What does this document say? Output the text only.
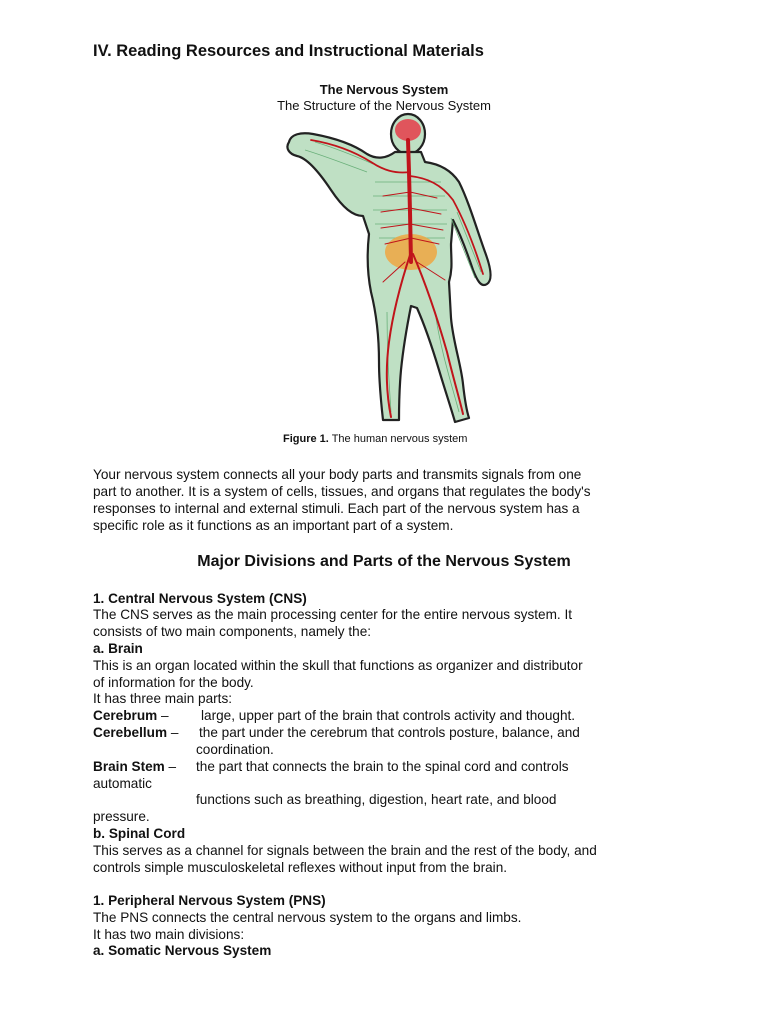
IV. Reading Resources and Instructional Materials
The Nervous System
The Structure of the Nervous System
Figure 1. The human nervous system
Your nervous system connects all your body parts and transmits signals from one
part to another. It is a system of cells, tissues, and organs that regulates the body's
responses to internal and external stimuli. Each part of the nervous system has a
specific role as it functions as an important part of a system.
Major Divisions and Parts of the Nervous System
1. Central Nervous System (CNS)
The CNS serves as the main processing center for the entire nervous system. It
consists of two main components, namely the:
a. Brain
This is an organ located within the skull that functions as organizer and distributor
of information for the body.
It has three main parts:
Cerebrum – large, upper part of the brain that controls activity and thought.
Cerebellum – the part under the cerebrum that controls posture, balance, and
coordination.
Brain Stem – the part that connects the brain to the spinal cord and controls
automatic
functions such as breathing, digestion, heart rate, and blood
pressure.
b. Spinal Cord
This serves as a channel for signals between the brain and the rest of the body, and
controls simple musculoskeletal reflexes without input from the brain.
1. Peripheral Nervous System (PNS)
The PNS connects the central nervous system to the organs and limbs.
It has two main divisions:
a. Somatic Nervous System
